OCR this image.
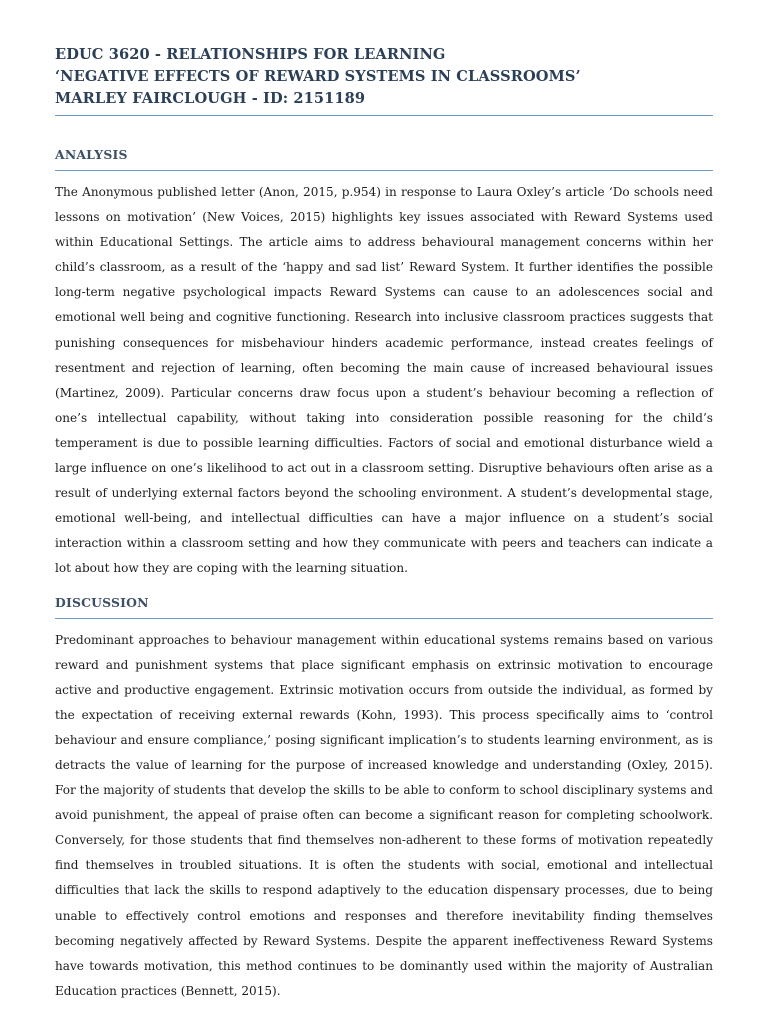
EDUC 3620 - RELATIONSHIPS FOR LEARNING
‘NEGATIVE EFFECTS OF REWARD SYSTEMS IN CLASSROOMS’
MARLEY FAIRCLOUGH - ID: 2151189
ANALYSIS

The Anonymous published letter (Anon, 2015, p.954) in response to Laura Oxley’s article ‘Do schools need lessons on motivation’ (New Voices, 2015) highlights key issues associated with Reward Systems used within Educational Settings. The article aims to address behavioural management concerns within her child’s classroom, as a result of the ‘happy and sad list’ Reward System. It further identifies the possible long-term negative psychological impacts Reward Systems can cause to an adolescences social and emotional well being and cognitive functioning. Research into inclusive classroom practices suggests that punishing consequences for misbehaviour hinders academic performance, instead creates feelings of resentment and rejection of learning, often becoming the main cause of increased behavioural issues (Martinez, 2009). Particular concerns draw focus upon a student’s behaviour becoming a reflection of one’s intellectual capability, without taking into consideration possible reasoning for the child’s temperament is due to possible learning difficulties. Factors of social and emotional disturbance wield a large influence on one’s likelihood to act out in a classroom setting. Disruptive behaviours often arise as a result of underlying external factors beyond the schooling environment. A student’s developmental stage, emotional well-being, and intellectual difficulties can have a major influence on a student’s social interaction within a classroom setting and how they communicate with peers and teachers can indicate a lot about how they are coping with the learning situation.

DISCUSSION

Predominant approaches to behaviour management within educational systems remains based on various reward and punishment systems that place significant emphasis on extrinsic motivation to encourage active and productive engagement. Extrinsic motivation occurs from outside the individual, as formed by the expectation of receiving external rewards (Kohn, 1993). This process specifically aims to ‘control behaviour and ensure compliance,’ posing significant implication’s to students learning environment, as is detracts the value of learning for the purpose of increased knowledge and understanding (Oxley, 2015). For the majority of students that develop the skills to be able to conform to school disciplinary systems and avoid punishment, the appeal of praise often can become a significant reason for completing schoolwork. Conversely, for those students that find themselves non-adherent to these forms of motivation repeatedly find themselves in troubled situations. It is often the students with social, emotional and intellectual difficulties that lack the skills to respond adaptively to the education dispensary processes, due to being unable to effectively control emotions and responses and therefore inevitability finding themselves becoming negatively affected by Reward Systems. Despite the apparent ineffectiveness Reward Systems have towards motivation, this method continues to be dominantly used within the majority of Australian Education practices (Bennett, 2015).
